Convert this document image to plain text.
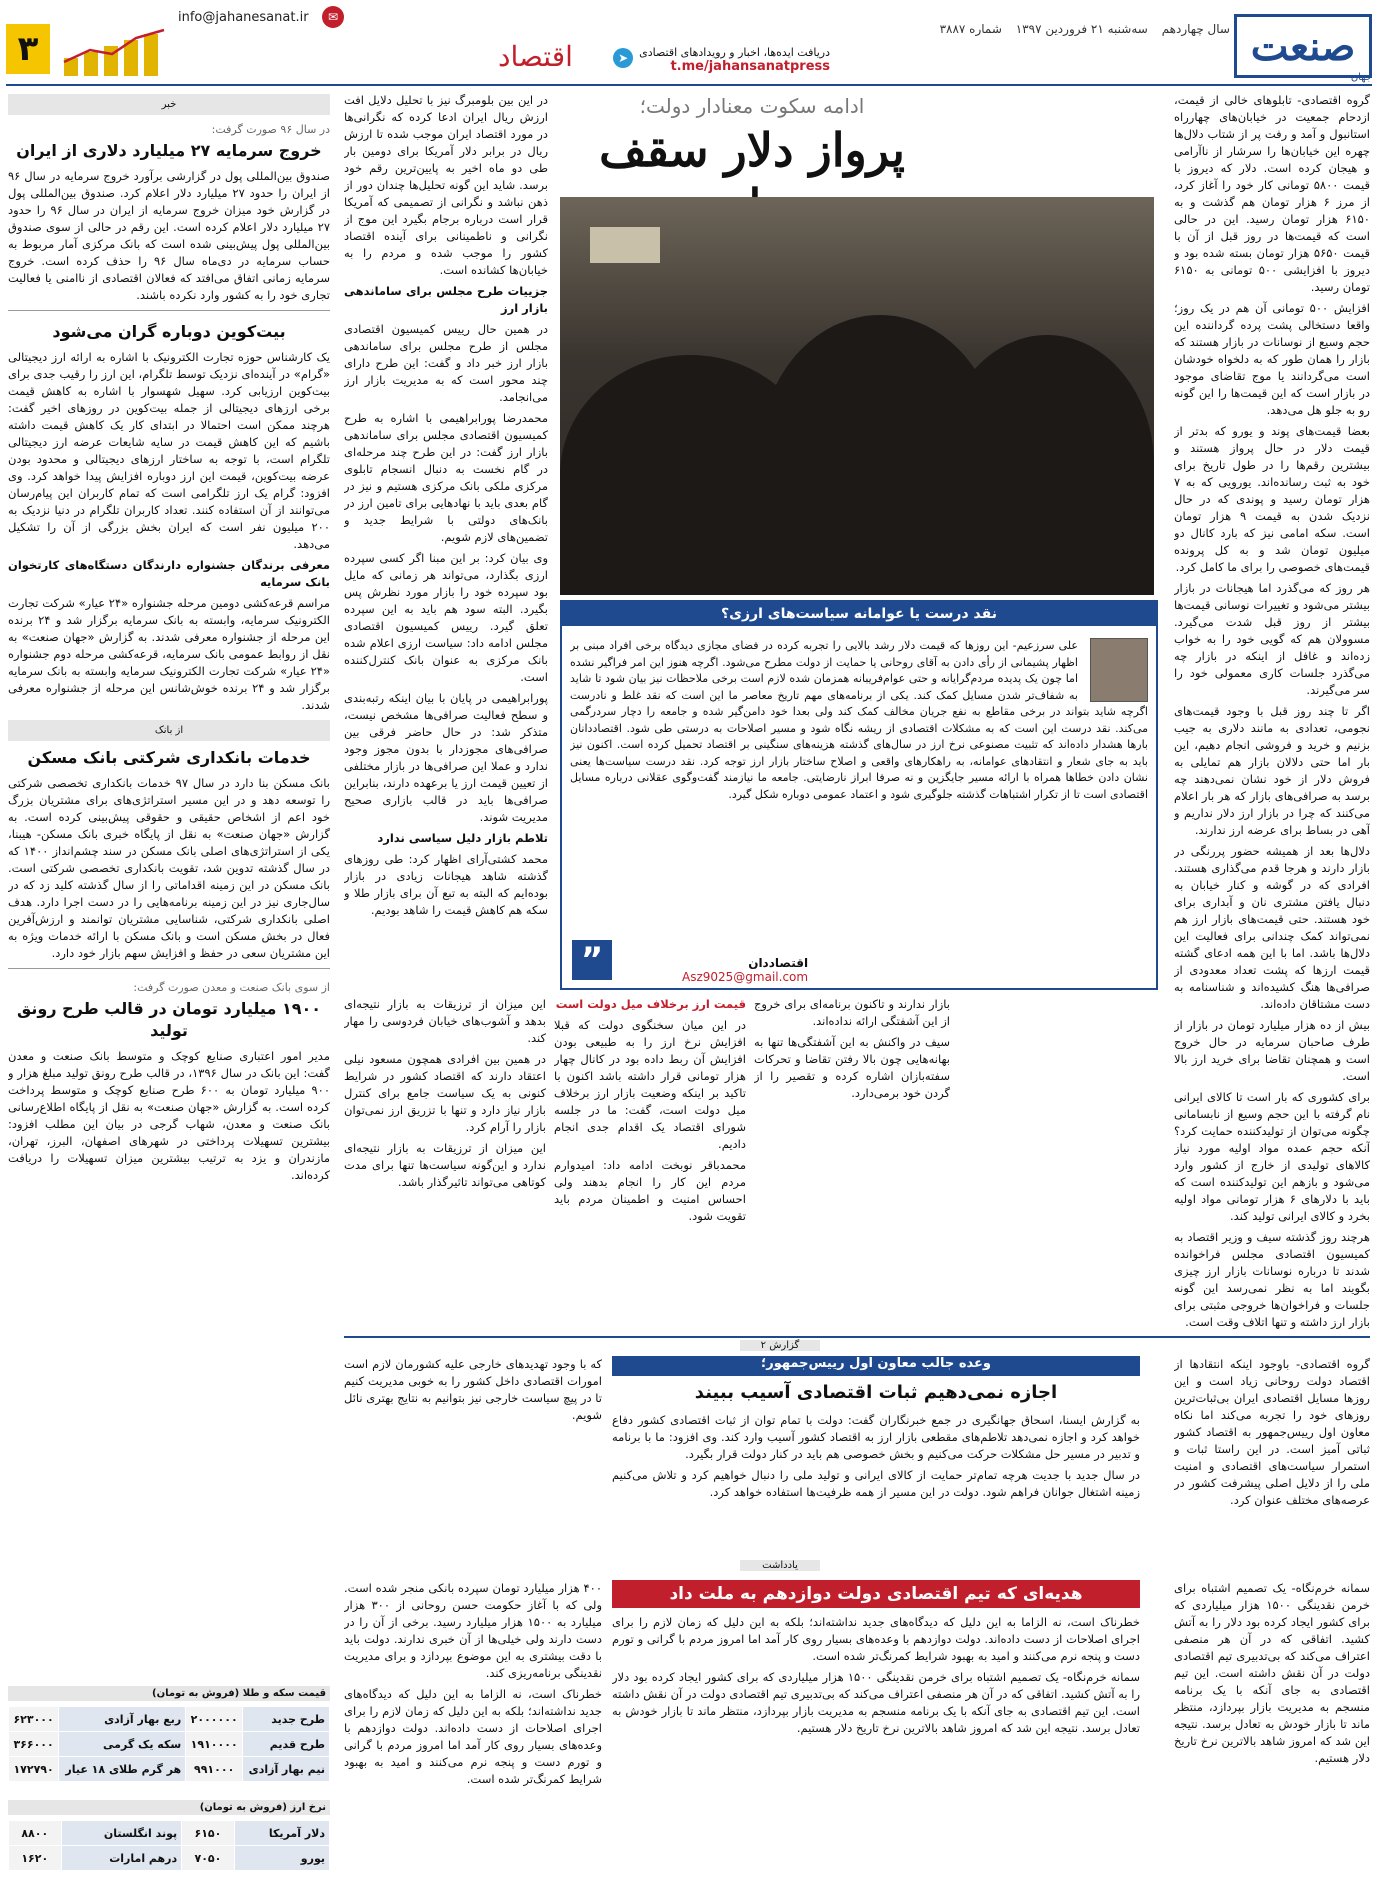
صنعت
جهان
سال چهاردهم سه‌شنبه ۲۱ فروردین ۱۳۹۷ شماره ۳۸۸۷
دریافت ایده‌ها، اخبار و رویدادهای اقتصادی
t.me/jahansanatpress
➤
اقتصاد
✉
info@jahanesanat.ir
۳

گروه اقتصادی- تابلوهای خالی از قیمت، ازدحام جمعیت در خیابان‌های چهارراه استانبول و آمد و رفت پر از شتاب دلال‌ها چهره این خیابان‌ها را سرشار از ناآرامی و هیجان کرده است. دلار که دیروز با قیمت ۵۸۰۰ تومانی کار خود را آغاز کرد، از مرز ۶ هزار تومان هم گذشت و به ۶۱۵۰ هزار تومان رسید. این در حالی است که قیمت‌ها در روز قبل از آن با قیمت ۵۶۵۰ هزار تومان بسته شده بود و دیروز با افزایشی ۵۰۰ تومانی به ۶۱۵۰ تومان رسید.

افزایش ۵۰۰ تومانی آن هم در یک روز؛ واقعا دستخالی پشت پرده گرداننده این حجم وسیع از نوسانات در بازار هستند که بازار را همان طور که به دلخواه خودشان است می‌گردانند یا موج تقاضای موجود در بازار است که این قیمت‌ها را این گونه رو به جلو هل می‌دهد.

بعضا قیمت‌های پوند و یورو که بدتر از قیمت دلار در حال پرواز هستند و بیشترین رقم‌ها را در طول تاریخ برای خود به ثبت رسانده‌اند. یورویی که به ۷ هزار تومان رسید و پوندی که در حال نزدیک شدن به قیمت ۹ هزار تومان است. سکه امامی نیز که بارد کانال دو میلیون تومان شد و به کل پرونده قیمت‌های خصوصی را برای ما کامل کرد.

هر روز که می‌گذرد اما هیجانات در بازار بیشتر می‌شود و تغییرات نوسانی قیمت‌ها بیشتر از روز قبل شدت می‌گیرد. مسوولان هم که گویی خود را به خواب زده‌اند و غافل از اینکه در بازار چه می‌گذرد جلسات کاری معمولی خود را سر می‌گیرند.

اگر تا چند روز قبل با وجود قیمت‌های نجومی، تعدادی به مانند دلاری به جیب بزنیم و خرید و فروشی انجام دهیم، این بار اما حتی دلالان بازار هم تمایلی به فروش دلار از خود نشان نمی‌دهند چه برسد به صرافی‌های بازار که هر بار اعلام می‌کنند که چرا در بازار ارز دلار نداریم و آهی در بساط برای عرضه ارز ندارند.

دلال‌ها بعد از همیشه حضور پررنگی در بازار دارند و هرجا قدم می‌گذاری هستند. افرادی که در گوشه و کنار خیابان به دنبال یافتن مشتری نان و آبداری برای خود هستند. حتی قیمت‌های بازار ارز هم نمی‌تواند کمک چندانی برای فعالیت این دلال‌ها باشد. اما با این همه ادعای گشته قیمت ارزها که پشت تعداد معدودی از صرافی‌ها هنگ کشیده‌اند و شناسنامه به دست مشتاقان داده‌اند.

بیش از ده هزار میلیارد تومان در بازار از طرف صاحبان سرمایه در حال خروج است و همچنان تقاضا برای خرید ارز بالا است.

برای کشوری که بار است تا کالای ایرانی نام گرفته با این حجم وسیع از نابسامانی چگونه می‌توان از تولیدکننده حمایت کرد؟ آنکه حجم عمده مواد اولیه مورد نیاز کالاهای تولیدی از خارج از کشور وارد می‌شود و بازهم این تولیدکننده است که باید با دلارهای ۶ هزار تومانی مواد اولیه بخرد و کالای ایرانی تولید کند.

هرچند روز گذشته سیف و وزیر اقتصاد به کمیسیون اقتصادی مجلس فراخوانده شدند تا درباره نوسانات بازار ارز چیزی بگویند اما به نظر نمی‌رسد این گونه جلسات و فراخوان‌ها خروجی مثبتی برای بازار ارز داشته و تنها اتلاف وقت است.

ادامه سکوت معنادار دولت؛
پرواز دلار سقف

در این بین بلومبرگ نیز با تحلیل دلایل افت ارزش ریال ایران ادعا کرده که نگرانی‌ها در مورد اقتصاد ایران موجب شده تا ارزش ریال در برابر دلار آمریکا برای دومین بار طی دو ماه اخیر به پایین‌ترین رقم خود برسد. شاید این گونه تحلیل‌ها چندان دور از ذهن نباشد و نگرانی از تصمیمی که آمریکا قرار است درباره برجام بگیرد این موج از نگرانی و ناطمینانی برای آینده اقتصاد کشور را موجب شده و مردم را به خیابان‌ها کشانده است.

جزییات طرح مجلس برای ساماندهی بازار ارز

در همین حال رییس کمیسیون اقتصادی مجلس از طرح مجلس برای ساماندهی بازار ارز خبر داد و گفت: این طرح دارای چند محور است که به مدیریت بازار ارز می‌انجامد.

محمدرضا پورابراهیمی با اشاره به طرح کمیسیون اقتصادی مجلس برای ساماندهی بازار ارز گفت: در این طرح چند مرحله‌ای در گام نخست به دنبال انسجام تابلوی مرکزی ملکی بانک مرکزی هستیم و نیز در گام بعدی باید با نهادهایی برای تامین ارز در بانک‌های دولتی با شرایط جدید و تضمین‌های لازم شویم.

وی بیان کرد: بر این مبنا اگر کسی سپرده ارزی بگذارد، می‌تواند هر زمانی که مایل بود سپرده خود را بازار مورد نظرش پس بگیرد. البته سود هم باید به این سپرده تعلق گیرد. رییس کمیسیون اقتصادی مجلس ادامه داد: سیاست ارزی اعلام شده بانک مرکزی به عنوان بانک کنترل‌کننده است.

پورابراهیمی در پایان با بیان اینکه رتبه‌بندی و سطح فعالیت صرافی‌ها مشخص نیست، متذکر شد: در حال حاضر فرقی بین صرافی‌های مجوزدار با بدون مجوز وجود ندارد و عملا این صرافی‌ها در بازار مختلفی از تعیین قیمت ارز یا برعهده دارند، بنابراین صرافی‌ها باید در قالب بازاری صحیح مدیریت شوند.

تلاطم بازار دلیل سیاسی ندارد

محمد کشتی‌آرای اظهار کرد: طی روزهای گذشته شاهد هیجانات زیادی در بازار بوده‌ایم که البته به تبع آن برای بازار طلا و سکه هم کاهش قیمت را شاهد بودیم.

نقد درست یا عوامانه سیاست‌های ارزی؟
علی سرزعیم- این روزها که قیمت دلار رشد بالایی را تجربه کرده در فضای مجازی دیدگاه برخی افراد مبنی بر اظهار پشیمانی از رأی دادن به آقای روحانی یا حمایت از دولت مطرح می‌شود. اگرچه هنوز این امر فراگیر نشده اما چون یک پدیده مردم‌گرایانه و حتی عوام‌فریبانه همزمان شده لازم است برخی ملاحظات نیز بیان شود تا شاید به شفاف‌تر شدن مسایل کمک کند. یکی از برنامه‌های مهم تاریخ معاصر ما این است که نقد غلط و نادرست اگرچه شاید بتواند در برخی مقاطع به نفع جریان مخالف کمک کند ولی بعدا خود دامن‌گیر شده و جامعه را دچار سردرگمی می‌کند. نقد درست این است که به مشکلات اقتصادی از ریشه نگاه شود و مسیر اصلاحات به درستی طی شود. اقتصاددانان بارها هشدار داده‌اند که تثبیت مصنوعی نرخ ارز در سال‌های گذشته هزینه‌های سنگینی بر اقتصاد تحمیل کرده است. اکنون نیز باید به جای شعار و انتقادهای عوامانه، به راهکارهای واقعی و اصلاح ساختار بازار ارز توجه کرد. نقد درست سیاست‌ها یعنی نشان دادن خطاها همراه با ارائه مسیر جایگزین و نه صرفا ابراز نارضایتی. جامعه ما نیازمند گفت‌وگوی عقلانی درباره مسایل اقتصادی است تا از تکرار اشتباهات گذشته جلوگیری شود و اعتماد عمومی دوباره شکل گیرد.
اقتصاددان
Asz9025@gmail.com
”

بازار ندارند و تاکنون برنامه‌ای برای خروج از این آشفتگی ارائه نداده‌اند.

سیف در واکنش به این آشفتگی‌ها تنها به بهانه‌هایی چون بالا رفتن تقاضا و تحرکات سفته‌بازان اشاره کرده و تقصیر را از گردن خود برمی‌دارد.

قیمت ارز برخلاف میل دولت است

در این میان سخنگوی دولت که قبلا افزایش نرخ ارز را به طبیعی بودن افزایش آن ربط داده بود در کانال چهار هزار تومانی قرار داشته باشد اکنون با تاکید بر اینکه وضعیت بازار ارز برخلاف میل دولت است، گفت: ما در جلسه شورای اقتصاد یک اقدام جدی انجام دادیم.

محمدباقر نوبخت ادامه داد: امیدوارم مردم این کار را انجام بدهند ولی احساس امنیت و اطمینان مردم باید تقویت شود.

این میزان از ترزیقات به بازار نتیجه‌ای بدهد و آشوب‌های خیابان فردوسی را مهار کند.

در همین بین افرادی همچون مسعود نیلی اعتقاد دارند که اقتصاد کشور در شرایط کنونی به یک سیاست جامع برای کنترل بازار نیاز دارد و تنها با تزریق ارز نمی‌توان بازار را آرام کرد.

این میزان از ترزیقات به بازار نتیجه‌ای ندارد و این‌گونه سیاست‌ها تنها برای مدت کوتاهی می‌تواند تاثیرگذار باشد.

خبر
در سال ۹۶ صورت گرفت:
خروج سرمایه ۲۷ میلیارد دلاری از ایران

صندوق بین‌المللی پول در گزارشی برآورد خروج سرمایه در سال ۹۶ از ایران را حدود ۲۷ میلیارد دلار اعلام کرد. صندوق بین‌المللی پول در گزارش خود میزان خروج سرمایه از ایران در سال ۹۶ را حدود ۲۷ میلیارد دلار اعلام کرده است. این رقم در حالی از سوی صندوق بین‌المللی پول پیش‌بینی شده است که بانک مرکزی آمار مربوط به حساب سرمایه در دی‌ماه سال ۹۶ را حذف کرده است. خروج سرمایه زمانی اتفاق می‌افتد که فعالان اقتصادی از ناامنی یا فعالیت تجاری خود را به کشور وارد نکرده باشند.

بیت‌کوین دوباره گران می‌شود

یک کارشناس حوزه تجارت الکترونیک با اشاره به ارائه ارز دیجیتالی «گرام» در آینده‌ای نزدیک توسط تلگرام، این ارز را رقیب جدی برای بیت‌کوین ارزیابی کرد. سهیل شهسوار با اشاره به کاهش قیمت برخی ارزهای دیجیتالی از جمله بیت‌کوین در روزهای اخیر گفت: هرچند ممکن است احتمالا در ابتدای کار یک کاهش قیمت داشته باشیم که این کاهش قیمت در سایه شایعات عرضه ارز دیجیتالی تلگرام است، با توجه به ساختار ارزهای دیجیتالی و محدود بودن عرضه بیت‌کوین، قیمت این ارز دوباره افزایش پیدا خواهد کرد. وی افزود: گرام یک ارز تلگرامی است که تمام کاربران این پیام‌رسان می‌توانند از آن استفاده کنند. تعداد کاربران تلگرام در دنیا نزدیک به ۲۰۰ میلیون نفر است که ایران بخش بزرگی از آن را تشکیل می‌دهد.

معرفی برندگان جشنواره دارندگان دستگاه‌های کارتخوان بانک سرمایه

مراسم قرعه‌کشی دومین مرحله جشنواره «۲۴ عیار» شرکت تجارت الکترونیک سرمایه، وابسته به بانک سرمایه برگزار شد و ۲۴ برنده این مرحله از جشنواره معرفی شدند. به گزارش «جهان صنعت» به نقل از روابط عمومی بانک سرمایه، قرعه‌کشی مرحله دوم جشنواره «۲۴ عیار» شرکت تجارت الکترونیک سرمایه وابسته به بانک سرمایه برگزار شد و ۲۴ برنده خوش‌شانس این مرحله از جشنواره معرفی شدند.

از بانک
خدمات بانکداری شرکتی بانک مسکن

بانک مسکن بنا دارد در سال ۹۷ خدمات بانکداری تخصصی شرکتی را توسعه دهد و در این مسیر استراتژی‌های برای مشتریان بزرگ خود اعم از اشخاص حقیقی و حقوقی پیش‌بینی کرده است. به گزارش «جهان صنعت» به نقل از پایگاه خبری بانک مسکن- هیبنا، یکی از استراتژی‌های اصلی بانک مسکن در سند چشم‌انداز ۱۴۰۰ که در سال گذشته تدوین شد، تقویت بانکداری تخصصی شرکتی است. بانک مسکن در این زمینه اقداماتی را از سال گذشته کلید زد که در سال‌جاری نیز در این زمینه برنامه‌هایی را در دست اجرا دارد. هدف اصلی بانکداری شرکتی، شناسایی مشتریان توانمند و ارزش‌آفرین فعال در بخش مسکن است و بانک مسکن با ارائه خدمات ویژه به این مشتریان سعی در حفظ و افزایش سهم بازار خود دارد.

از سوی بانک صنعت و معدن صورت گرفت:
۱۹۰۰ میلیارد تومان در قالب طرح رونق تولید

مدیر امور اعتباری صنایع کوچک و متوسط بانک صنعت و معدن گفت: این بانک در سال ۱۳۹۶، در قالب طرح رونق تولید مبلغ هزار و ۹۰۰ میلیارد تومان به ۶۰۰ طرح صنایع کوچک و متوسط پرداخت کرده است. به گزارش «جهان صنعت» به نقل از پایگاه اطلاع‌رسانی بانک صنعت و معدن، شهاب گرجی در بیان این مطلب افزود: بیشترین تسهیلات پرداختی در شهرهای اصفهان، البرز، تهران، مازندران و یزد به ترتیب بیشترین میزان تسهیلات را دریافت کرده‌اند.

گزارش ۲

گروه اقتصادی- باوجود اینکه انتقادها از اقتصاد دولت روحانی زیاد است و این روزها مسایل اقتصادی ایران بی‌ثبات‌ترین روزهای خود را تجربه می‌کند اما نکاه معاون اول رییس‌جمهور به اقتصاد کشور ثباتی آمیز است. در این راستا ثبات و استمرار سیاست‌های اقتصادی و امنیت ملی را از دلایل اصلی پیشرفت کشور در عرصه‌های مختلف عنوان کرد.

وعده جالب معاون اول رییس‌جمهور؛
اجازه نمی‌دهیم ثبات اقتصادی آسیب ببیند

به گزارش ایسنا، اسحاق جهانگیری در جمع خبرنگاران گفت: دولت با تمام توان از ثبات اقتصادی کشور دفاع خواهد کرد و اجازه نمی‌دهد تلاطم‌های مقطعی بازار ارز به اقتصاد کشور آسیب وارد کند. وی افزود: ما با برنامه و تدبیر در مسیر حل مشکلات حرکت می‌کنیم و بخش خصوصی هم باید در کنار دولت قرار بگیرد.

در سال جدید با جدیت هرچه تمام‌تر حمایت از کالای ایرانی و تولید ملی را دنبال خواهیم کرد و تلاش می‌کنیم زمینه اشتغال جوانان فراهم شود. دولت در این مسیر از همه ظرفیت‌ها استفاده خواهد کرد.

که با وجود تهدیدهای خارجی علیه کشورمان لازم است امورات اقتصادی داخل کشور را به خوبی مدیریت کنیم تا در پیچ سیاست خارجی نیز بتوانیم به نتایج بهتری نائل شویم.

یادداشت
هدیه‌ای که تیم اقتصادی دولت دوازدهم به ملت داد	سمانه خرم‌نگاه- یک تصمیم اشتباه برای خرمن نقدینگی ۱۵۰۰ هزار میلیاردی که برای کشور ایجاد کرده بود دلار را به آتش کشید. اتفاقی که در آن هر منصفی اعتراف می‌کند که بی‌تدبیری تیم اقتصادی دولت در آن نقش داشته است. این تیم اقتصادی به جای آنکه با یک برنامه منسجم به مدیریت بازار بپردازد، منتظر ماند تا بازار خودش به تعادل برسد. نتیجه این شد که امروز شاهد بالاترین نرخ تاریخ دلار هستیم.

خطرناک است، نه الزاما به این دلیل که دیدگاه‌های جدید نداشته‌اند؛ بلکه به این دلیل که زمان لازم را برای اجرای اصلاحات از دست داده‌اند. دولت دوازدهم با وعده‌های بسیار روی کار آمد اما امروز مردم با گرانی و تورم دست و پنجه نرم می‌کنند و امید به بهبود شرایط کمرنگ‌تر شده است.

سمانه خرم‌نگاه- یک تصمیم اشتباه برای خرمن نقدینگی ۱۵۰۰ هزار میلیاردی که برای کشور ایجاد کرده بود دلار را به آتش کشید. اتفاقی که در آن هر منصفی اعتراف می‌کند که بی‌تدبیری تیم اقتصادی دولت در آن نقش داشته است. این تیم اقتصادی به جای آنکه با یک برنامه منسجم به مدیریت بازار بپردازد، منتظر ماند تا بازار خودش به تعادل برسد. نتیجه این شد که امروز شاهد بالاترین نرخ تاریخ دلار هستیم.

۴۰۰ هزار میلیارد تومان سپرده بانکی منجر شده است. ولی که با آغاز حکومت حسن روحانی از ۳۰۰ هزار میلیارد به ۱۵۰۰ هزار میلیارد رسید. برخی از آن را در دست دارند ولی خیلی‌ها از آن خبری ندارند. دولت باید با دقت بیشتری به این موضوع بپردازد و برای مدیریت نقدینگی برنامه‌ریزی کند.

خطرناک است، نه الزاما به این دلیل که دیدگاه‌های جدید نداشته‌اند؛ بلکه به این دلیل که زمان لازم را برای اجرای اصلاحات از دست داده‌اند. دولت دوازدهم با وعده‌های بسیار روی کار آمد اما امروز مردم با گرانی و تورم دست و پنجه نرم می‌کنند و امید به بهبود شرایط کمرنگ‌تر شده است.

قیمت سکه و طلا (فروش به تومان)
طرح جدید	۲۰۰۰۰۰۰	ربع بهار آزادی	۶۲۳۰۰۰
طرح قدیم	۱۹۱۰۰۰۰	سکه یک گرمی	۳۶۶۰۰۰
نیم بهار آزادی	۹۹۱۰۰۰	هر گرم طلای ۱۸ عیار	۱۷۲۷۹۰
نرخ ارز (فروش به تومان)
دلار آمریکا	۶۱۵۰	پوند انگلستان	۸۸۰۰
یورو	۷۰۵۰	درهم امارات	۱۶۲۰
